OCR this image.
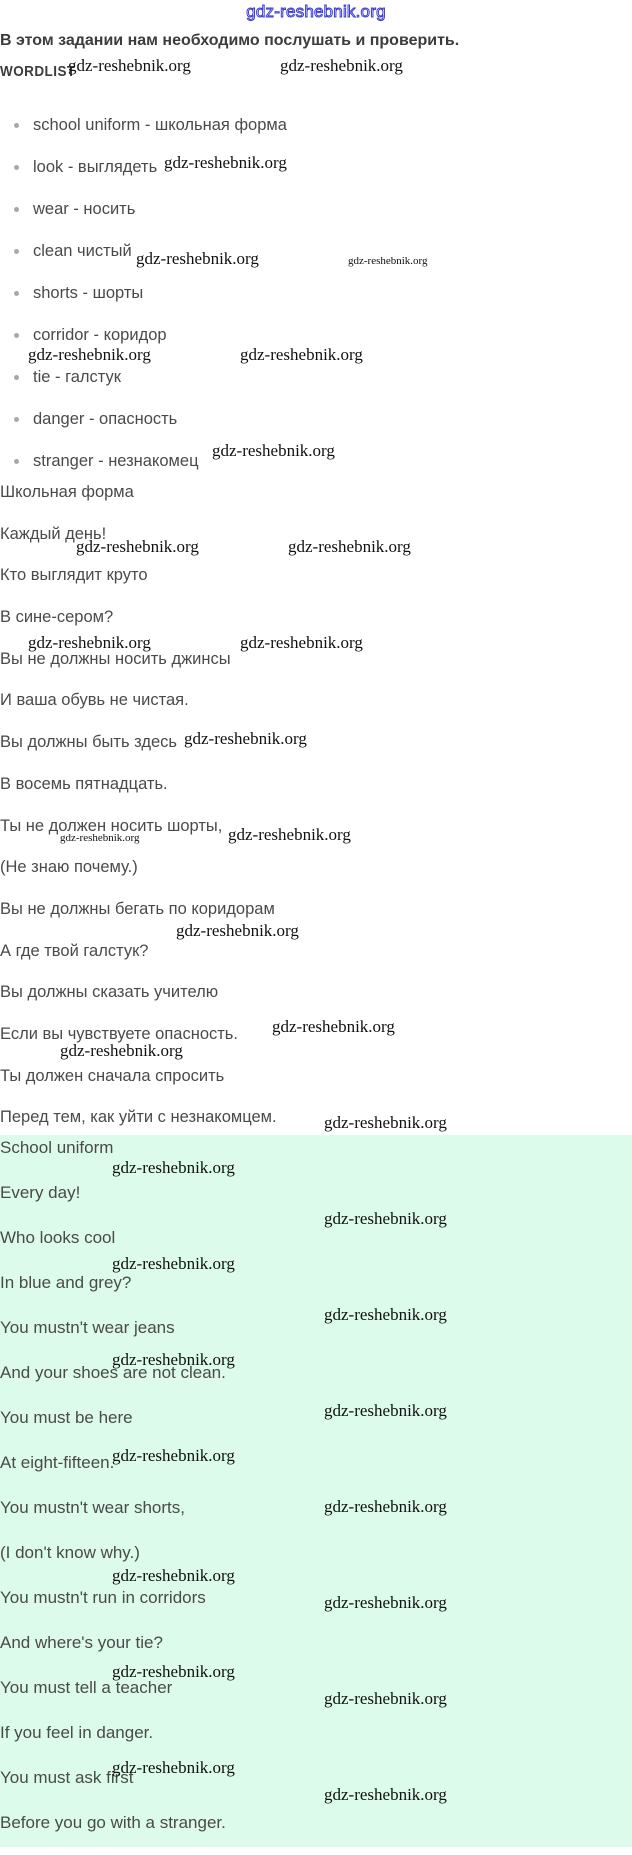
gdz-reshebnik.org
В этом задании нам необходимо послушать и проверить.
WORDLIST
school uniform - школьная форма
look - выглядеть
wear - носить
clean чистый
shorts - шорты
corridor - коридор
tie - галстук
danger - опасность
stranger - незнакомец
Школьная форма
Каждый день!
Кто выглядит круто
В сине-сером?
Вы не должны носить джинсы
И ваша обувь не чистая.
Вы должны быть здесь
В восемь пятнадцать.
Ты не должен носить шорты,
(Не знаю почему.)
Вы не должны бегать по коридорам
А где твой галстук?
Вы должны сказать учителю
Если вы чувствуете опасность.
Ты должен сначала спросить
Перед тем, как уйти с незнакомцем.
School uniform
Every day!
Who looks cool
In blue and grey?
You mustn't wear jeans
And your shoes are not clean.
You must be here
At eight-fifteen.
You mustn't wear shorts,
(I don't know why.)
You mustn't run in corridors
And where's your tie?
You must tell a teacher
If you feel in danger.
You must ask first
Before you go with a stranger.
gdz-reshebnik.org	gdz-reshebnik.org
gdz-reshebnik.org
gdz-reshebnik.org	gdz-reshebnik.org
gdz-reshebnik.org	gdz-reshebnik.org
gdz-reshebnik.org
gdz-reshebnik.org	gdz-reshebnik.org
gdz-reshebnik.org	gdz-reshebnik.org
gdz-reshebnik.org
gdz-reshebnik.org
gdz-reshebnik.org
gdz-reshebnik.org
gdz-reshebnik.org
gdz-reshebnik.org
gdz-reshebnik.org
gdz-reshebnik.org
gdz-reshebnik.org
gdz-reshebnik.org
gdz-reshebnik.org
gdz-reshebnik.org
gdz-reshebnik.org
gdz-reshebnik.org
gdz-reshebnik.org
gdz-reshebnik.org
gdz-reshebnik.org
gdz-reshebnik.org
gdz-reshebnik.org
gdz-reshebnik.org
gdz-reshebnik.org
